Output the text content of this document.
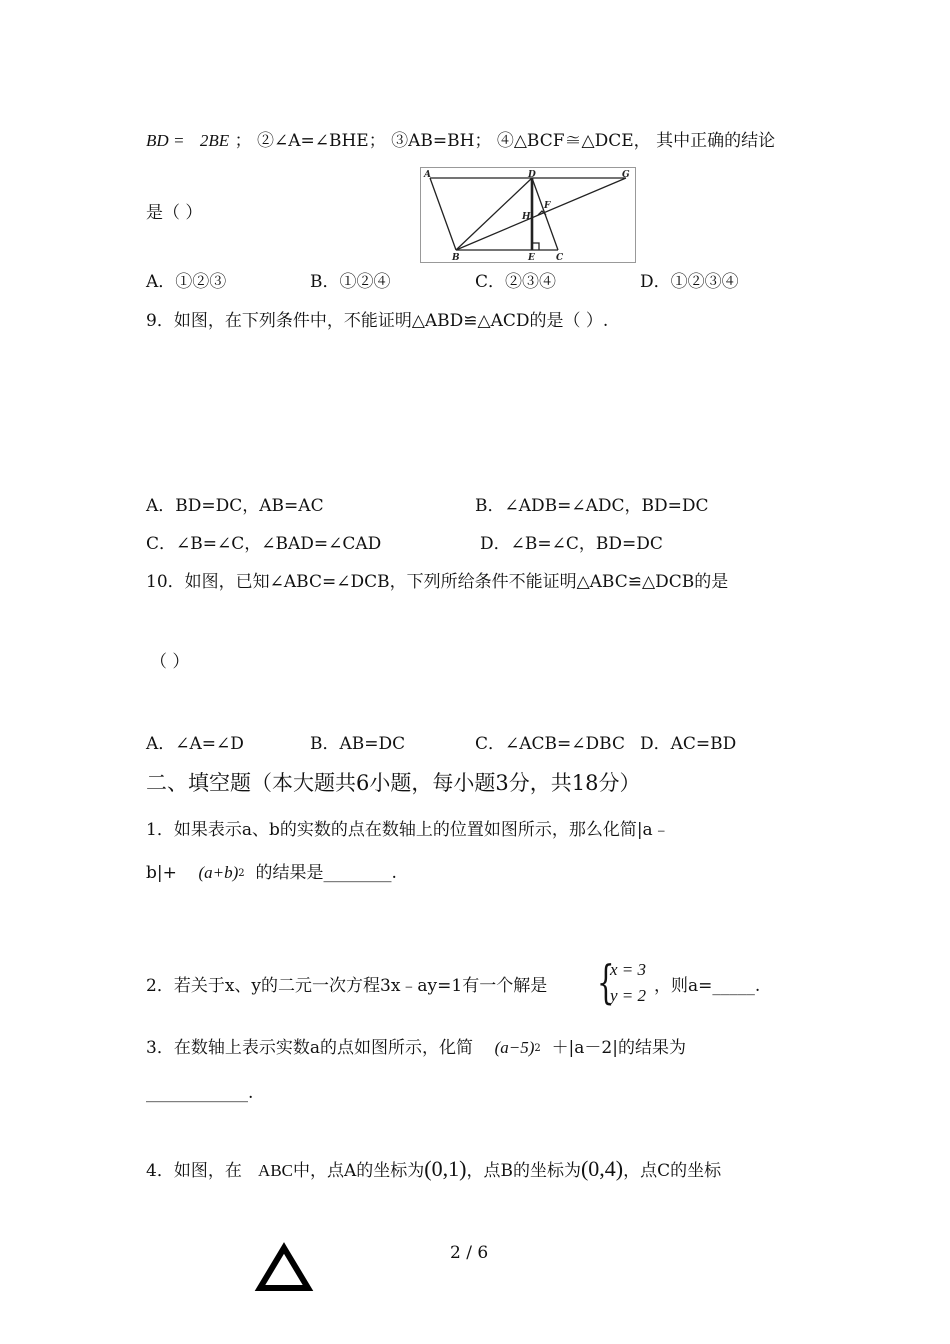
BD = 2BE ； ②∠A=∠BHE； ③AB=BH； ④△BCF≅△DCE， 其中正确的结论
A	D	G
F
H
B	E C
是（ ）
A．①②③	B．①②④	C．②③④	D．①②③④
9．如图，在下列条件中，不能证明△ABD≌△ACD的是（ ）.
A．BD=DC，AB=AC	B．∠ADB=∠ADC，BD=DC
C．∠B=∠C，∠BAD=∠CAD	D．∠B=∠C，BD=DC
10．如图，已知∠ABC=∠DCB，下列所给条件不能证明△ABC≌△DCB的是
（ ）
A．∠A=∠D	B．AB=DC	C．∠ACB=∠DBC D．AC=BD
二、填空题（本大题共6小题，每小题3分，共18分）
1．如果表示a、b的实数的点在数轴上的位置如图所示，那么化简|a﹣
$b|+ (a+b)^2$ 的结果是________.
2．若关于x、y的二元一次方程3x﹣ay=1有一个解是 {
x = 3
y = 2 ，则a=_____.
3．在数轴上表示实数a的点如图所示，化简 $(a-5)^2 +|a-2|$的结果为
____________.
4．如图，在 ABC中，点A的坐标为(0,1)，点B的坐标为(0,4)，点C的坐标
2 / 6
